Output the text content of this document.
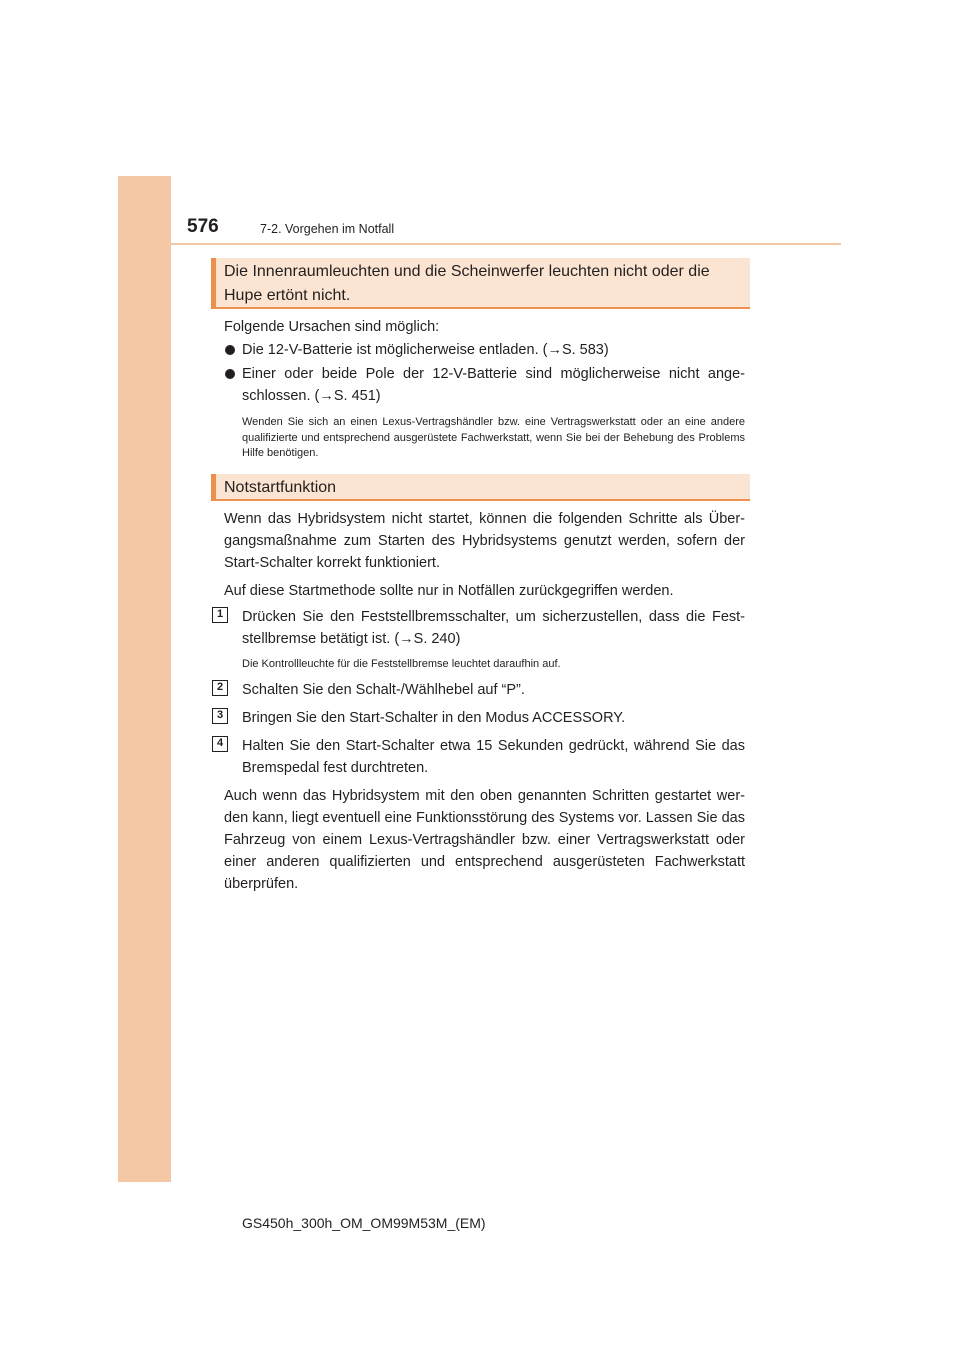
576	7-2. Vorgehen im Notfall
Die Innenraumleuchten und die Scheinwerfer leuchten nicht oder die Hupe ertönt nicht.

Folgende Ursachen sind möglich:

Die 12-V-Batterie ist möglicherweise entladen. (→S. 583)
Einer oder beide Pole der 12-V-Batterie sind möglicherweise nicht ange-schlossen. (→S. 451)

Wenden Sie sich an einen Lexus-Vertragshändler bzw. eine Vertragswerkstatt oder an eine andere qualifizierte und entsprechend ausgerüstete Fachwerkstatt, wenn Sie bei der Behebung des Problems Hilfe benötigen.

Notstartfunktion

Wenn das Hybridsystem nicht startet, können die folgenden Schritte als Über-gangsmaßnahme zum Starten des Hybridsystems genutzt werden, sofern der Start-Schalter korrekt funktioniert.

Auf diese Startmethode sollte nur in Notfällen zurückgegriffen werden.

1	Drücken Sie den Feststellbremsschalter, um sicherzustellen, dass die Fest-stellbremse betätigt ist. (→S. 240)

Die Kontrollleuchte für die Feststellbremse leuchtet daraufhin auf.

2	Schalten Sie den Schalt-/Wählhebel auf “P”.
3	Bringen Sie den Start-Schalter in den Modus ACCESSORY.
4	Halten Sie den Start-Schalter etwa 15 Sekunden gedrückt, während Sie das Bremspedal fest durchtreten.

Auch wenn das Hybridsystem mit den oben genannten Schritten gestartet wer-den kann, liegt eventuell eine Funktionsstörung des Systems vor. Lassen Sie das Fahrzeug von einem Lexus-Vertragshändler bzw. einer Vertragswerkstatt oder einer anderen qualifizierten und entsprechend ausgerüsteten Fachwerkstatt überprüfen.

GS450h_300h_OM_OM99M53M_(EM)
